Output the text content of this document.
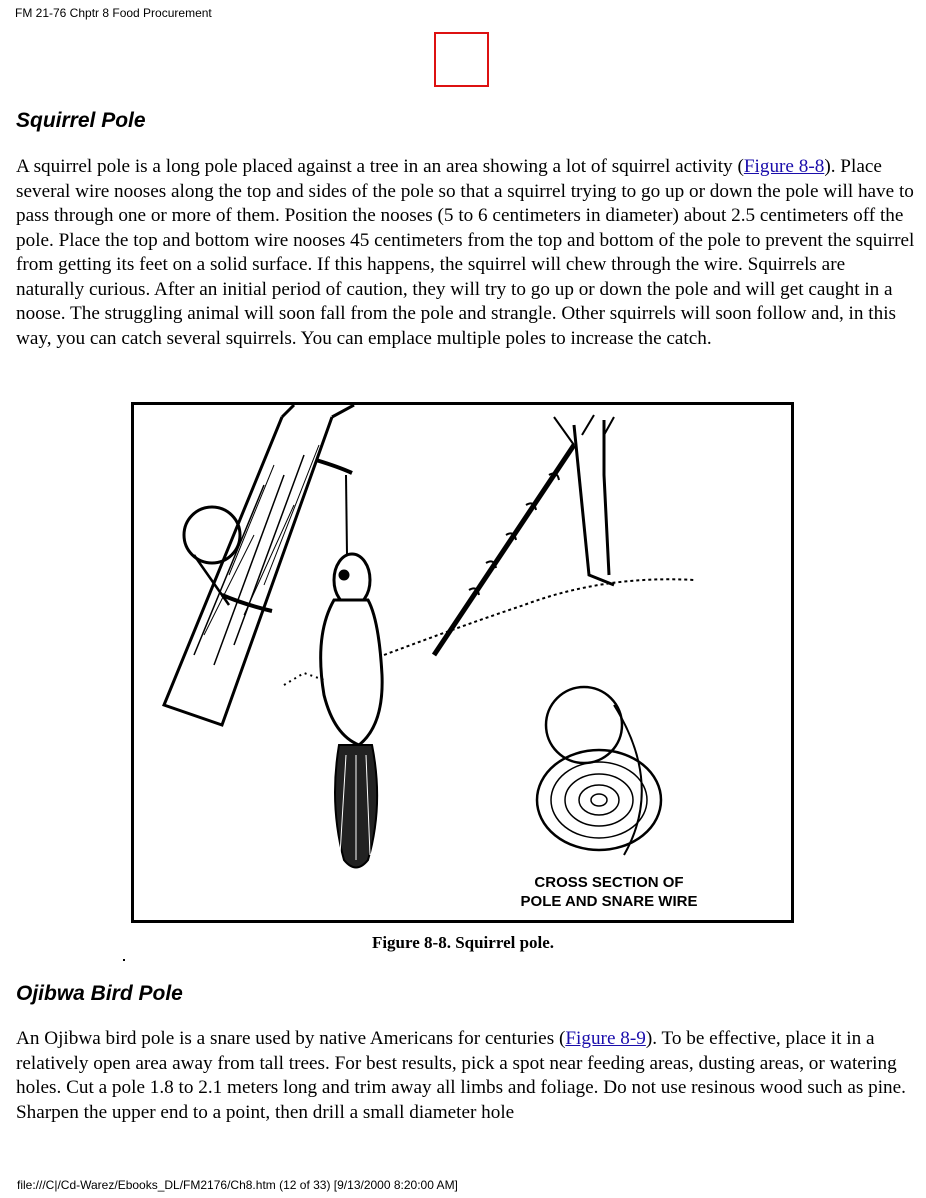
FM 21-76 Chptr 8 Food Procurement
Squirrel Pole

A squirrel pole is a long pole placed against a tree in an area showing a lot of squirrel activity (Figure 8-8). Place several wire nooses along the top and sides of the pole so that a squirrel trying to go up or down the pole will have to pass through one or more of them. Position the nooses (5 to 6 centimeters in diameter) about 2.5 centimeters off the pole. Place the top and bottom wire nooses 45 centimeters from the top and bottom of the pole to prevent the squirrel from getting its feet on a solid surface. If this happens, the squirrel will chew through the wire. Squirrels are naturally curious. After an initial period of caution, they will try to go up or down the pole and will get caught in a noose. The struggling animal will soon fall from the pole and strangle. Other squirrels will soon follow and, in this way, you can catch several squirrels. You can emplace multiple poles to increase the catch.

CROSS SECTION OF
POLE AND SNARE WIRE
Figure 8-8. Squirrel pole.
Ojibwa Bird Pole

An Ojibwa bird pole is a snare used by native Americans for centuries (Figure 8-9). To be effective, place it in a relatively open area away from tall trees. For best results, pick a spot near feeding areas, dusting areas, or watering holes. Cut a pole 1.8 to 2.1 meters long and trim away all limbs and foliage. Do not use resinous wood such as pine. Sharpen the upper end to a point, then drill a small diameter hole

file:///C|/Cd-Warez/Ebooks_DL/FM2176/Ch8.htm (12 of 33) [9/13/2000 8:20:00 AM]
